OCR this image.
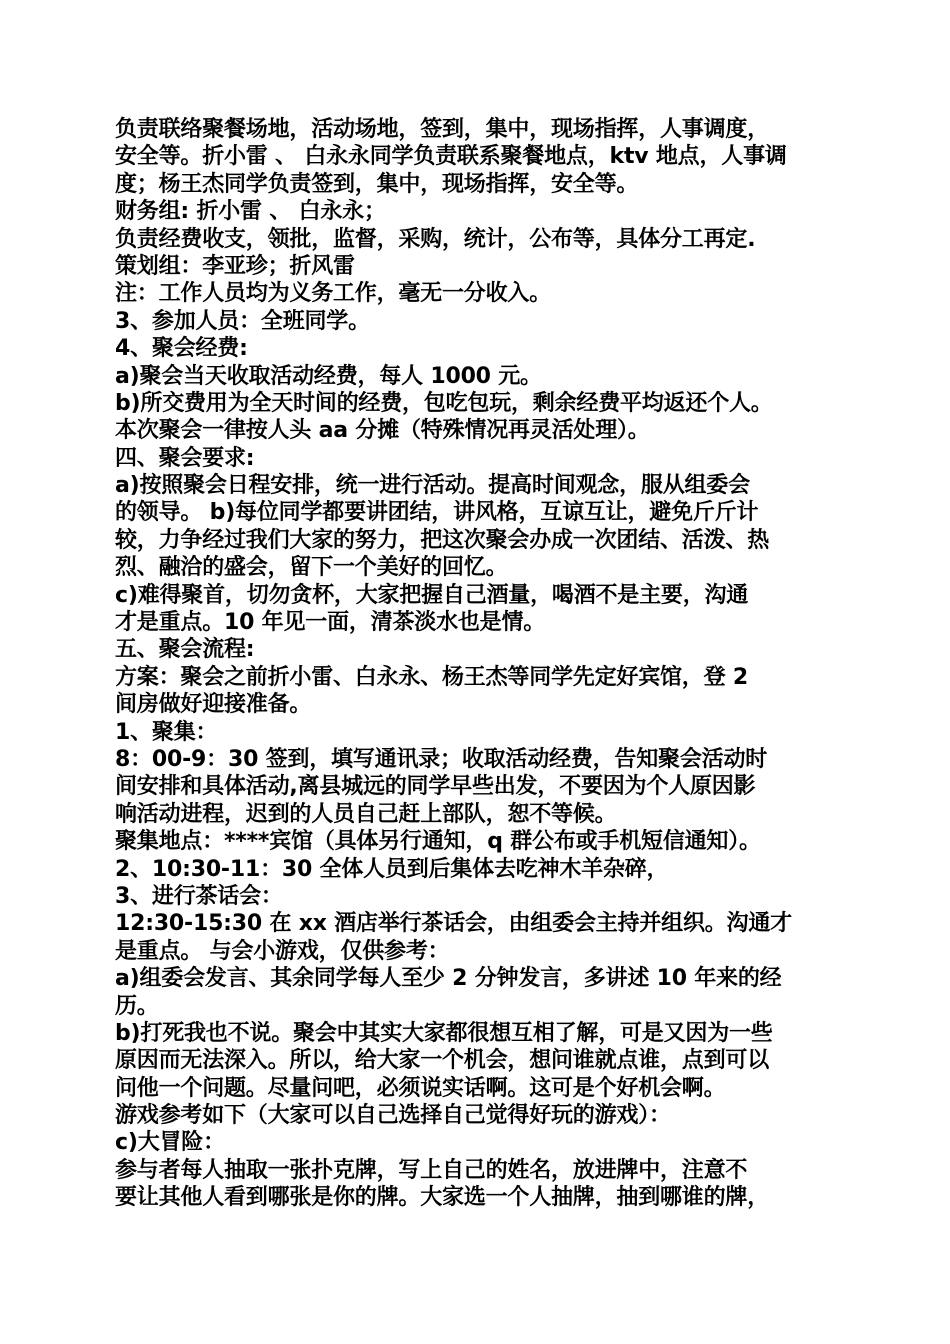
负责联络聚餐场地，活动场地，签到，集中，现场指挥，人事调度，
安全等。折小雷 、 白永永同学负责联系聚餐地点，ktv 地点，人事调
度；杨王杰同学负责签到，集中，现场指挥，安全等。
财务组: 折小雷 、 白永永；
负责经费收支，领批，监督，采购，统计，公布等，具体分工再定.
策划组：李亚珍；折风雷
注：工作人员均为义务工作，毫无一分收入。
3、参加人员：全班同学。
4、聚会经费:
a)聚会当天收取活动经费，每人 1000 元。
b)所交费用为全天时间的经费，包吃包玩，剩余经费平均返还个人。
本次聚会一律按人头 aa 分摊（特殊情况再灵活处理）。
四、聚会要求:
a)按照聚会日程安排，统一进行活动。提高时间观念，服从组委会
的领导。 b)每位同学都要讲团结，讲风格，互谅互让，避免斤斤计
较，力争经过我们大家的努力，把这次聚会办成一次团结、活泼、热
烈、融洽的盛会，留下一个美好的回忆。
c)难得聚首，切勿贪杯，大家把握自己酒量，喝酒不是主要，沟通
才是重点。10 年见一面，清茶淡水也是情。
五、聚会流程:
方案：聚会之前折小雷、白永永、杨王杰等同学先定好宾馆，登 2
间房做好迎接准备。
1、聚集：
8：00-9：30 签到，填写通讯录；收取活动经费，告知聚会活动时
间安排和具体活动,离县城远的同学早些出发，不要因为个人原因影
响活动进程，迟到的人员自己赶上部队，恕不等候。
聚集地点：****宾馆（具体另行通知，q 群公布或手机短信通知）。
2、10:30-11：30 全体人员到后集体去吃神木羊杂碎，
3、进行茶话会：
12:30-15:30 在 xx 酒店举行茶话会，由组委会主持并组织。沟通才
是重点。 与会小游戏，仅供参考：
a)组委会发言、其余同学每人至少 2 分钟发言，多讲述 10 年来的经
历。
b)打死我也不说。聚会中其实大家都很想互相了解，可是又因为一些
原因而无法深入。所以，给大家一个机会，想问谁就点谁，点到可以
问他一个问题。尽量问吧，必须说实话啊。这可是个好机会啊。
游戏参考如下（大家可以自己选择自己觉得好玩的游戏）：
c)大冒险：
参与者每人抽取一张扑克牌，写上自己的姓名，放进牌中，注意不
要让其他人看到哪张是你的牌。大家选一个人抽牌，抽到哪谁的牌，
